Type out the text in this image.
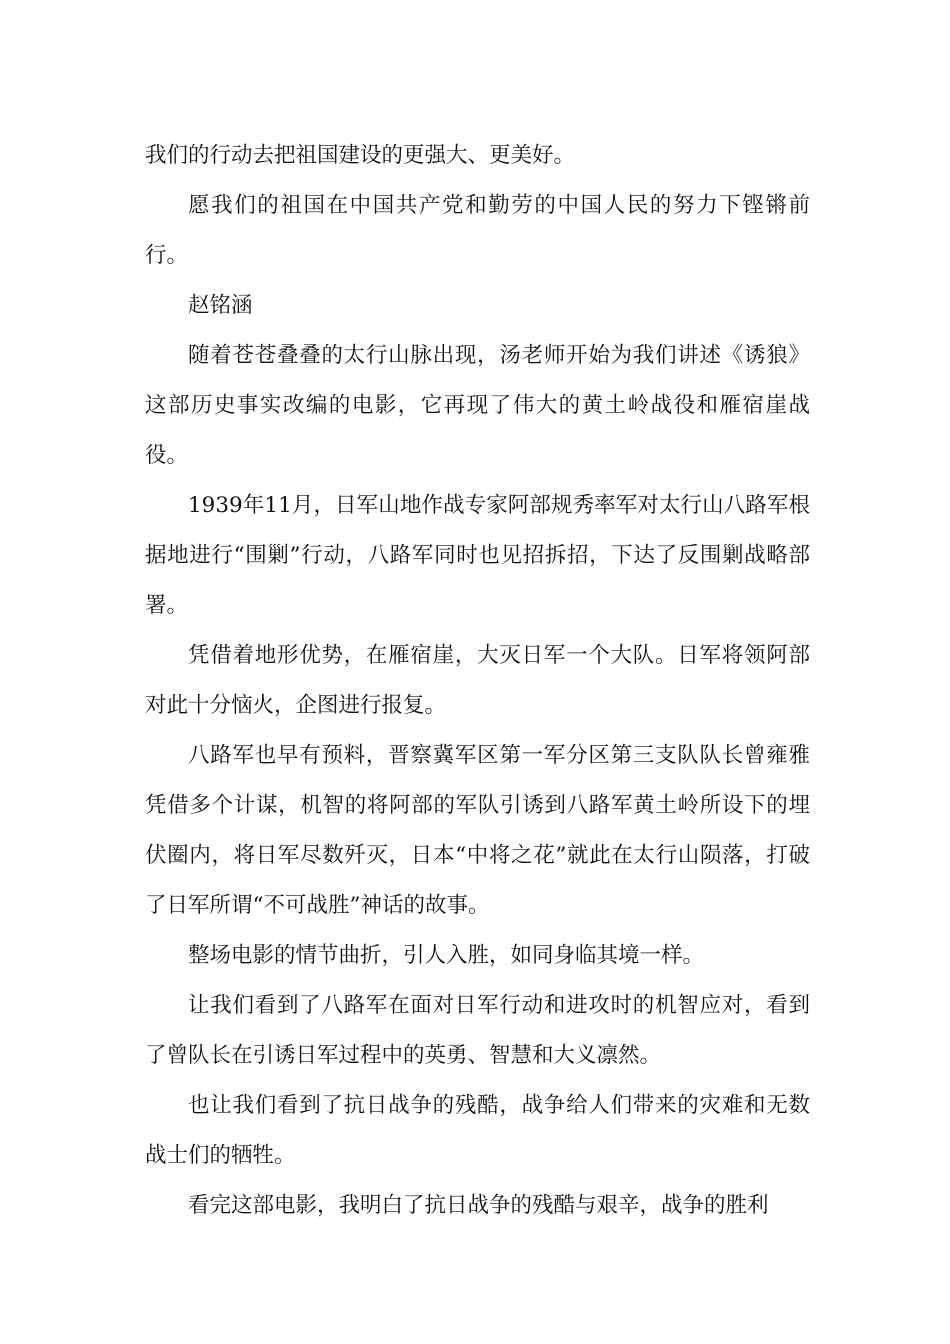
我们的行动去把祖国建设的更强大、更美好。

愿我们的祖国在中国共产党和勤劳的中国人民的努力下铿锵前行。

赵铭涵

随着苍苍叠叠的太行山脉出现，汤老师开始为我们讲述《诱狼》这部历史事实改编的电影，它再现了伟大的黄土岭战役和雁宿崖战役。

1939年11月，日军山地作战专家阿部规秀率军对太行山八路军根据地进行“围剿”行动，八路军同时也见招拆招，下达了反围剿战略部署。

凭借着地形优势，在雁宿崖，大灭日军一个大队。日军将领阿部对此十分恼火，企图进行报复。

八路军也早有预料，晋察冀军区第一军分区第三支队队长曾雍雅凭借多个计谋，机智的将阿部的军队引诱到八路军黄土岭所设下的埋伏圈内，将日军尽数歼灭，日本“中将之花”就此在太行山陨落，打破了日军所谓“不可战胜”神话的故事。

整场电影的情节曲折，引人入胜，如同身临其境一样。

让我们看到了八路军在面对日军行动和进攻时的机智应对，看到了曾队长在引诱日军过程中的英勇、智慧和大义凛然。

也让我们看到了抗日战争的残酷，战争给人们带来的灾难和无数战士们的牺牲。

看完这部电影，我明白了抗日战争的残酷与艰辛，战争的胜利
